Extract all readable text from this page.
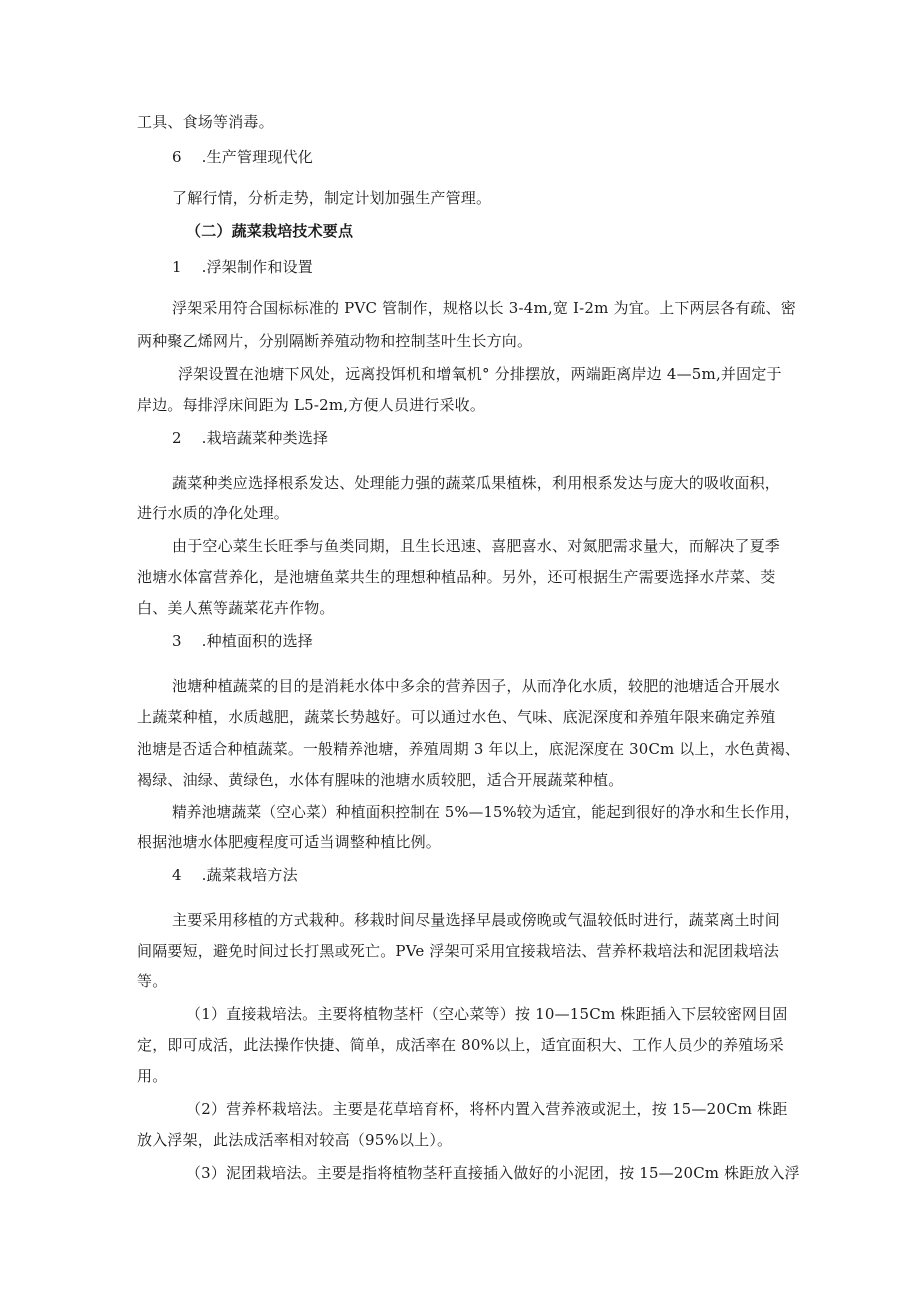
工具、食场等消毒。

6    .生产管理现代化

了解行情，分析走势，制定计划加强生产管理。

（二）蔬菜栽培技术要点

1    .浮架制作和设置

浮架采用符合国标标准的 PVC 管制作，规格以长 3-4m,宽 I-2m 为宜。上下两层各有疏、密

两种聚乙烯网片，分别隔断养殖动物和控制茎叶生长方向。

浮架设置在池塘下风处，远离投饵机和增氧机° 分排摆放，两端距离岸边 4—5m,并固定于

岸边。每排浮床间距为 L5-2m,方便人员进行采收。

2    .栽培蔬菜种类选择

蔬菜种类应选择根系发达、处理能力强的蔬菜瓜果植株，利用根系发达与庞大的吸收面积，

进行水质的净化处理。

由于空心菜生长旺季与鱼类同期，且生长迅速、喜肥喜水、对氮肥需求量大，而解决了夏季

池塘水体富营养化，是池塘鱼菜共生的理想种植品种。另外，还可根据生产需要选择水芹菜、茭

白、美人蕉等蔬菜花卉作物。

3    .种植面积的选择

池塘种植蔬菜的目的是消耗水体中多余的营养因子，从而净化水质，较肥的池塘适合开展水

上蔬菜种植，水质越肥，蔬菜长势越好。可以通过水色、气味、底泥深度和养殖年限来确定养殖

池塘是否适合种植蔬菜。一般精养池塘，养殖周期 3 年以上，底泥深度在 30Cm 以上，水色黄褐、

褐绿、油绿、黄绿色，水体有腥味的池塘水质较肥，适合开展蔬菜种植。

精养池塘蔬菜（空心菜）种植面积控制在 5%—15%较为适宜，能起到很好的净水和生长作用，

根据池塘水体肥瘦程度可适当调整种植比例。

4    .蔬菜栽培方法

主要采用移植的方式栽种。移栽时间尽量选择早晨或傍晚或气温较低时进行，蔬菜离土时间

间隔要短，避免时间过长打黑或死亡。PVe 浮架可采用宜接栽培法、营养杯栽培法和泥团栽培法

等。

（1）直接栽培法。主要将植物茎杆（空心菜等）按 10—15Cm 株距插入下层较密网目固

定，即可成活，此法操作快捷、简单，成活率在 80%以上，适宜面积大、工作人员少的养殖场采

用。

（2）营养杯栽培法。主要是花草培育杯，将杯内置入营养液或泥土，按 15—20Cm 株距

放入浮架，此法成活率相对较高（95%以上）。

（3）泥团栽培法。主要是指将植物茎秆直接插入做好的小泥团，按 15—20Cm 株距放入浮
